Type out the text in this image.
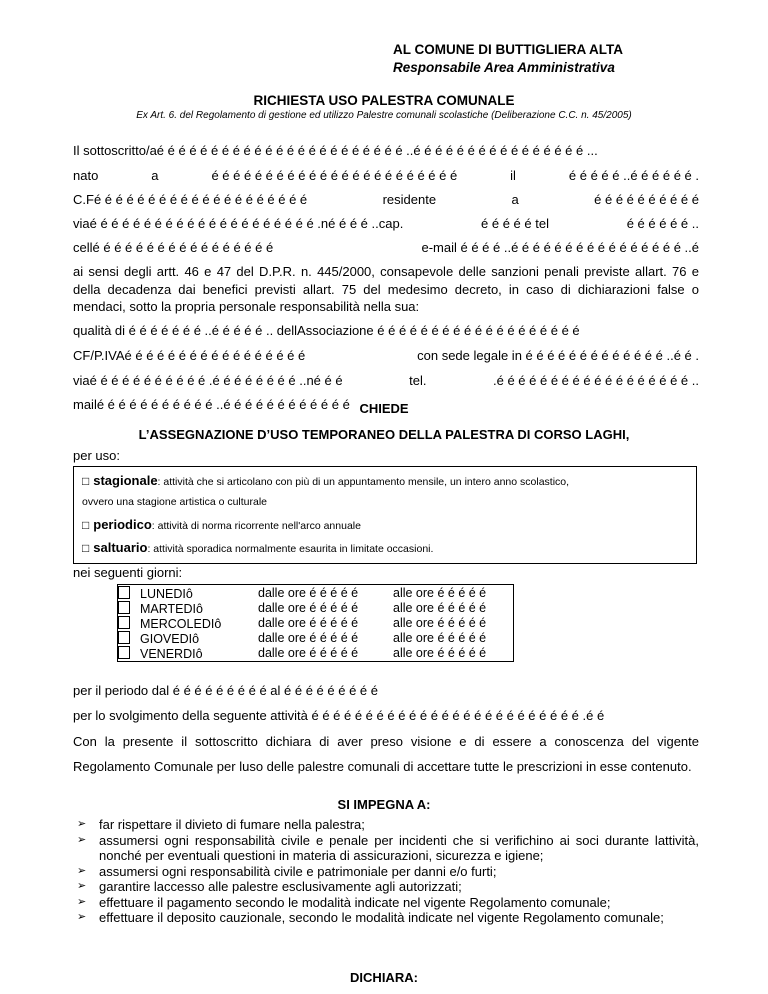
AL COMUNE DI BUTTIGLIERA ALTA
Responsabile Area Amministrativa
RICHIESTA USO PALESTRA COMUNALE
Ex Art. 6. del Regolamento di gestione ed utilizzo Palestre comunali scolastiche (Deliberazione C.C. n. 45/2005)
Il sottoscritto/aé é é é é é é é é é é é é é é é é é é é é é é ..é é é é é é é é é é é é é é é é ...
nato	a	é é é é é é é é é é é é é é é é é é é é é é é	il	é é é é é ..é é é é é é .
C.Fé é é é é é é é é é é é é é é é é é é é	residente	a	é é é é é é é é é é
viaé é é é é é é é é é é é é é é é é é é é é .né é é é ..cap.	é é é é é tel	é é é é é é ..
cellé é é é é é é é é é é é é é é é é	e-mail é é é é ..é é é é é é é é é é é é é é é é ..é
ai sensi degli artt. 46 e 47 del D.P.R. n. 445/2000, consapevole delle sanzioni penali previste allart. 76 e della decadenza dai benefici previsti allart. 75 del medesimo decreto, in caso di dichiarazioni false o mendaci, sotto la propria personale responsabilità nella sua:
qualità di é é é é é é é ..é é é é é .. dellAssociazione é é é é é é é é é é é é é é é é é é é
CF/P.IVAé é é é é é é é é é é é é é é é é	con sede legale in é é é é é é é é é é é é é ..é é .
viaé é é é é é é é é é é .é é é é é é é é ..né é é	tel.	.é é é é é é é é é é é é é é é é é é ..
mailé é é é é é é é é é é ..é é é é é é é é é é é é CHIEDE
L’ASSEGNAZIONE D’USO TEMPORANEO DELLA PALESTRA DI CORSO LAGHI,
per uso:
□ stagionale: attività che si articolano con più di un appuntamento mensile, un intero anno scolastico,
ovvero una stagione artistica o culturale
□ periodico: attività di norma ricorrente nell'arco annuale
□ saltuario: attività sporadica normalmente esaurita in limitate occasioni.
nei seguenti giorni:
LUNEDIô	dalle ore é é é é é	alle ore é é é é é
MARTEDIô	dalle ore é é é é é	alle ore é é é é é
MERCOLEDIô	dalle ore é é é é é	alle ore é é é é é
GIOVEDIô	dalle ore é é é é é	alle ore é é é é é
VENERDIô	dalle ore é é é é é	alle ore é é é é é
per il periodo dal é é é é é é é é é al é é é é é é é é é
per lo svolgimento della seguente attività é é é é é é é é é é é é é é é é é é é é é é é é é .é é
Con la presente il sottoscritto dichiara di aver preso visione e di essere a conoscenza del vigente Regolamento Comunale per luso delle palestre comunali di accettare tutte le prescrizioni in esse contenuto.
SI IMPEGNA A:
➢ far rispettare il divieto di fumare nella palestra;
➢ assumersi ogni responsabilità civile e penale per incidenti che si verifichino ai soci durante lattività, nonché per eventuali questioni in materia di assicurazioni, sicurezza e igiene;
➢ assumersi ogni responsabilità civile e patrimoniale per danni e/o furti;
➢ garantire laccesso alle palestre esclusivamente agli autorizzati;
➢ effettuare il pagamento secondo le modalità indicate nel vigente Regolamento comunale;
➢ effettuare il deposito cauzionale, secondo le modalità indicate nel vigente Regolamento comunale;
DICHIARA:
